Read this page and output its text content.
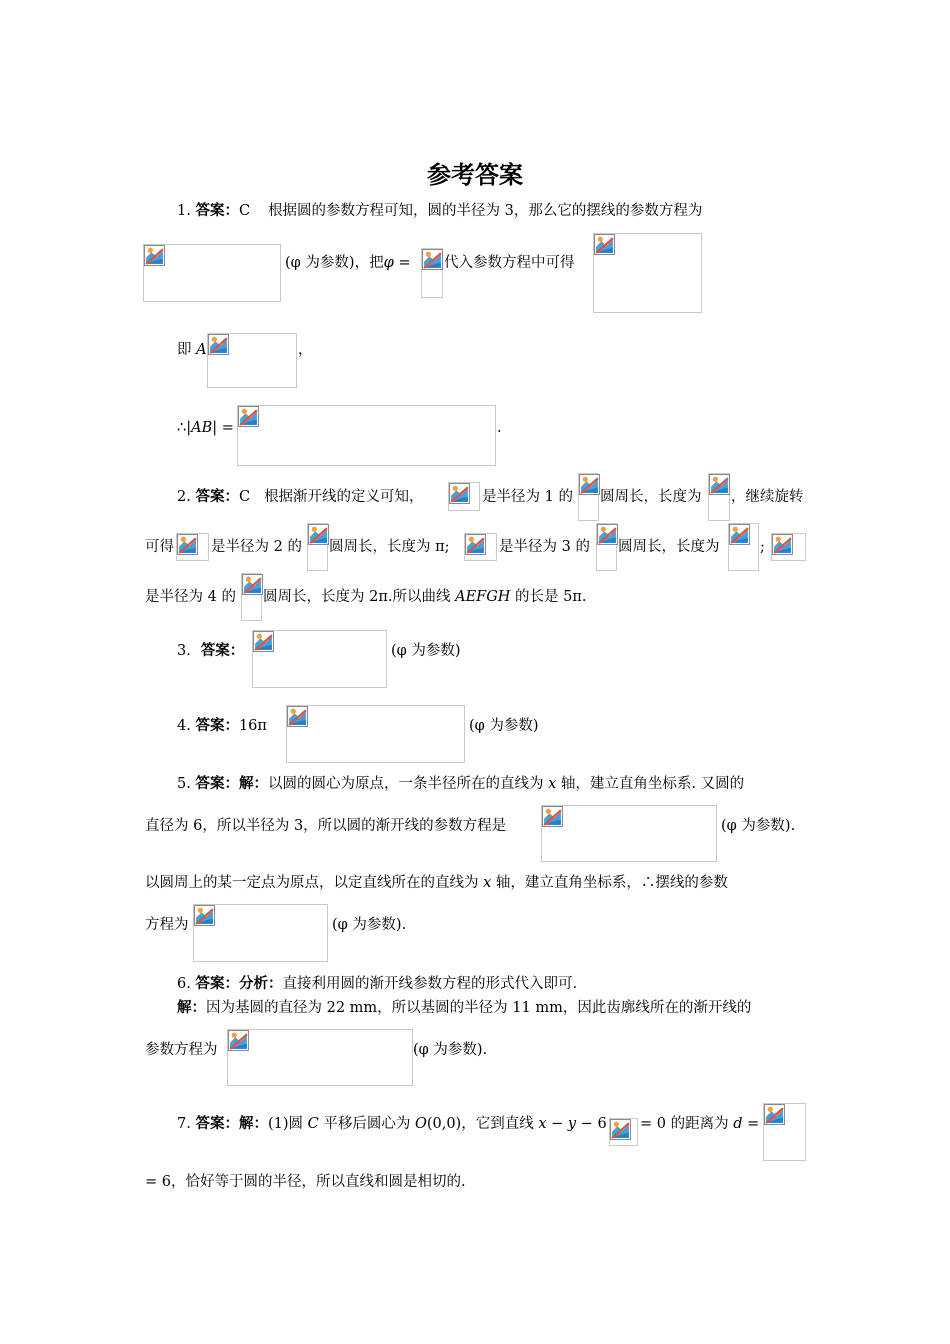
参考答案
1. 答案：C 根据圆的参数方程可知，圆的半径为 3，那么它的摆线的参数方程为
(φ 为参数)，把φ = 代入参数方程中可得
即 A	，
∴|AB| =	.
2. 答案：C 根据渐开线的定义可知，	是半径为 1 的 圆周长，长度为 ，继续旋转
可得	是半径为 2 的 圆周长，长度为 π;	是半径为 3 的 圆周长，长度为	;
是半径为 4 的 圆周长，长度为 2π.所以曲线 AEFGH 的长是 5π.
3．答案：	(φ 为参数)
4. 答案：16π	(φ 为参数)
5. 答案：解：以圆的圆心为原点，一条半径所在的直线为 x 轴，建立直角坐标系. 又圆的
直径为 6，所以半径为 3，所以圆的渐开线的参数方程是	(φ 为参数).
以圆周上的某一定点为原点，以定直线所在的直线为 x 轴，建立直角坐标系，∴摆线的参数
方程为	(φ 为参数).
6. 答案：分析：直接利用圆的渐开线参数方程的形式代入即可.
解：因为基圆的直径为 22 mm，所以基圆的半径为 11 mm，因此齿廓线所在的渐开线的
参数方程为	(φ 为参数).
7. 答案：解：(1)圆 C 平移后圆心为 O(0,0)，它到直线 x − y − 6 = 0 的距离为 d =
= 6，恰好等于圆的半径，所以直线和圆是相切的.
